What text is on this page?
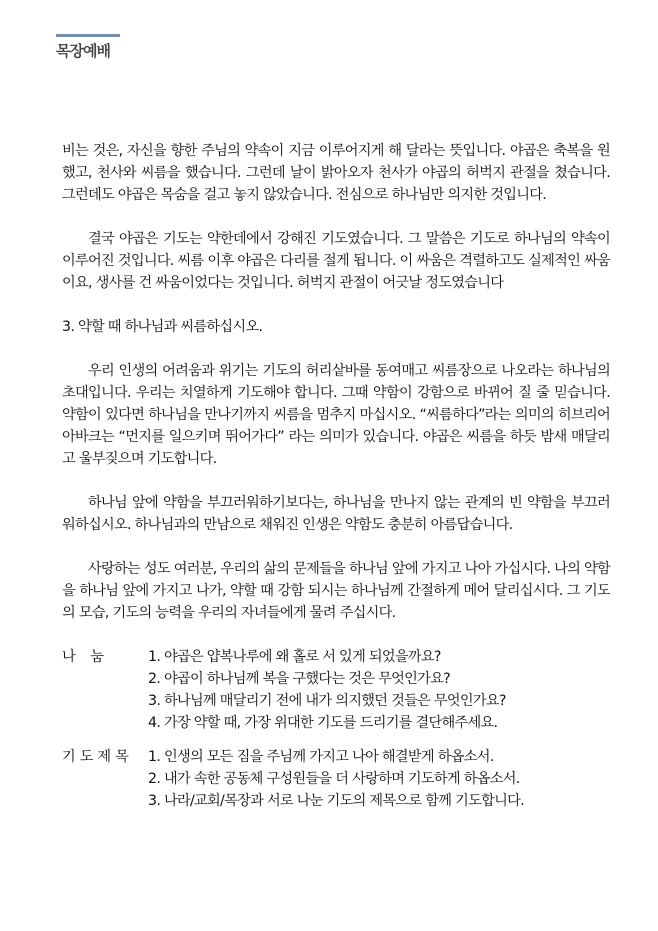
목장예배

비는 것은, 자신을 향한 주님의 약속이 지금 이루어지게 해 달라는 뜻입니다. 야곱은 축복을 원했고, 천사와 씨름을 했습니다. 그런데 날이 밝아오자 천사가 야곱의 허벅지 관절을 쳤습니다. 그런데도 야곱은 목숨을 걸고 놓지 않았습니다. 전심으로 하나님만 의지한 것입니다.

결국 야곱은 기도는 약한데에서 강해진 기도였습니다. 그 말씀은 기도로 하나님의 약속이 이루어진 것입니다. 씨름 이후 야곱은 다리를 절게 됩니다. 이 싸움은 격렬하고도 실제적인 싸움이요, 생사를 건 싸움이었다는 것입니다. 허벅지 관절이 어긋날 정도였습니다

3. 약할 때 하나님과 씨름하십시오.

우리 인생의 어려움과 위기는 기도의 허리샅바를 동여매고 씨름장으로 나오라는 하나님의 초대입니다. 우리는 치열하게 기도해야 합니다. 그때 약함이 강함으로 바뀌어 질 줄 믿습니다. 약함이 있다면 하나님을 만나기까지 씨름을 멈추지 마십시오. “씨름하다”라는 의미의 히브리어 아바크는 “먼지를 일으키며 뛰어가다” 라는 의미가 있습니다. 야곱은 씨름을 하듯 밤새 매달리고 울부짖으며 기도합니다.

하나님 앞에 약함을 부끄러워하기보다는, 하나님을 만나지 않는 관계의 빈 약함을 부끄러워하십시오. 하나님과의 만남으로 채워진 인생은 약함도 충분히 아름답습니다.

사랑하는 성도 여러분, 우리의 삶의 문제들을 하나님 앞에 가지고 나아 가십시다. 나의 약함을 하나님 앞에 가지고 나가, 약할 때 강함 되시는 하나님께 간절하게 메어 달리십시다. 그 기도의 모습, 기도의 능력을 우리의 자녀들에게 물려 주십시다.

나    눔	1. 야곱은 얍복나루에 왜 홀로 서 있게 되었을까요?
2. 야곱이 하나님께 복을 구했다는 것은 무엇인가요?
3. 하나님께 매달리기 전에 내가 의지했던 것들은 무엇인가요?
4. 가장 약할 때, 가장 위대한 기도를 드리기를 결단해주세요.
기도제목	1. 인생의 모든 짐을 주님께 가지고 나아 해결받게 하옵소서.
2. 내가 속한 공동체 구성원들을 더 사랑하며 기도하게 하옵소서.
3. 나라/교회/목장과 서로 나눈 기도의 제목으로 함께 기도합니다.
